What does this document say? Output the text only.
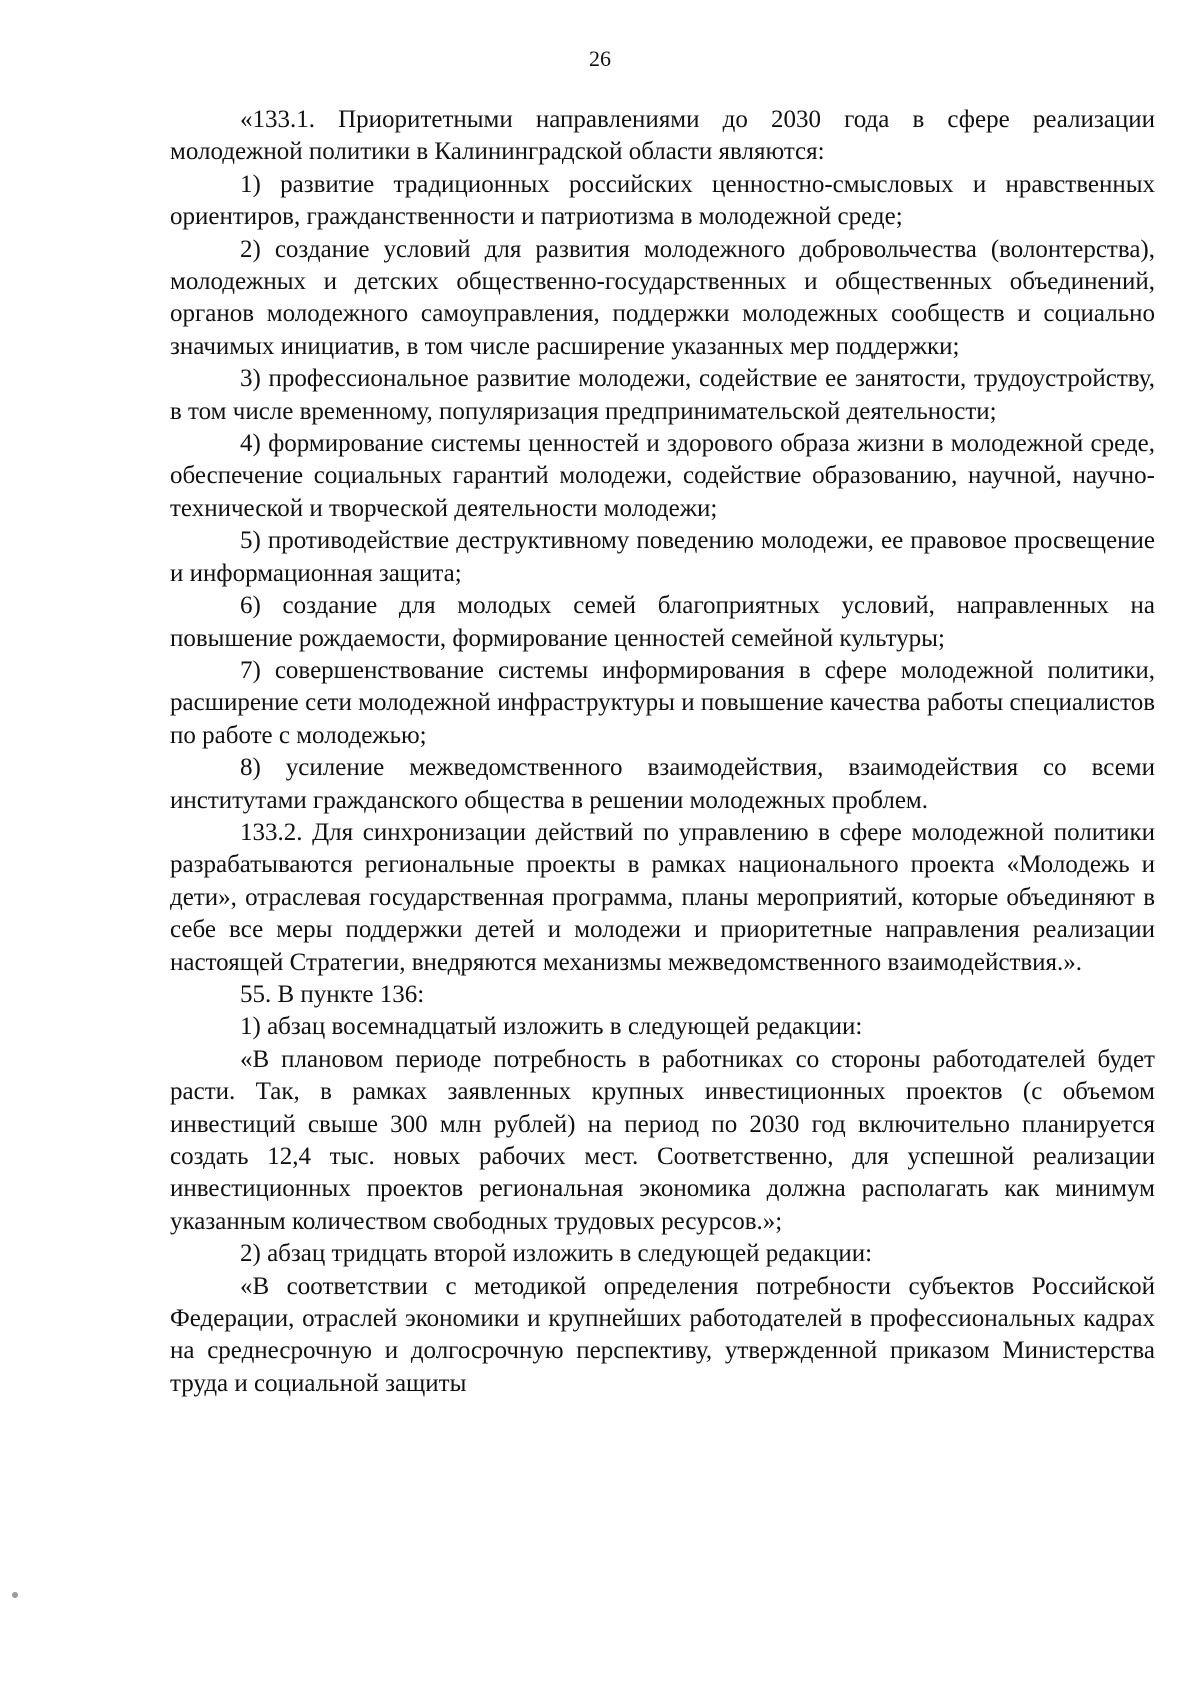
26

«133.1. Приоритетными направлениями до 2030 года в сфере реализации молодежной политики в Калининградской области являются:

1) развитие традиционных российских ценностно-смысловых и нравственных ориентиров, гражданственности и патриотизма в молодежной среде;

2) создание условий для развития молодежного добровольчества (волонтерства), молодежных и детских общественно-государственных и общественных объединений, органов молодежного самоуправления, поддержки молодежных сообществ и социально значимых инициатив, в том числе расширение указанных мер поддержки;

3) профессиональное развитие молодежи, содействие ее занятости, трудоустройству, в том числе временному, популяризация предпринимательской деятельности;

4) формирование системы ценностей и здорового образа жизни в молодежной среде, обеспечение социальных гарантий молодежи, содействие образованию, научной, научно-технической и творческой деятельности молодежи;

5) противодействие деструктивному поведению молодежи, ее правовое просвещение и информационная защита;

6) создание для молодых семей благоприятных условий, направленных на повышение рождаемости, формирование ценностей семейной культуры;

7) совершенствование системы информирования в сфере молодежной политики, расширение сети молодежной инфраструктуры и повышение качества работы специалистов по работе с молодежью;

8) усиление межведомственного взаимодействия, взаимодействия со всеми институтами гражданского общества в решении молодежных проблем.

133.2. Для синхронизации действий по управлению в сфере молодежной политики разрабатываются региональные проекты в рамках национального проекта «Молодежь и дети», отраслевая государственная программа, планы мероприятий, которые объединяют в себе все меры поддержки детей и молодежи и приоритетные направления реализации настоящей Стратегии, внедряются механизмы межведомственного взаимодействия.».

55. В пункте 136:

1) абзац восемнадцатый изложить в следующей редакции:

«В плановом периоде потребность в работниках со стороны работодателей будет расти. Так, в рамках заявленных крупных инвестиционных проектов (с объемом инвестиций свыше 300 млн рублей) на период по 2030 год включительно планируется создать 12,4 тыс. новых рабочих мест. Соответственно, для успешной реализации инвестиционных проектов региональная экономика должна располагать как минимум указанным количеством свободных трудовых ресурсов.»;

2) абзац тридцать второй изложить в следующей редакции:

«В соответствии с методикой определения потребности субъектов Российской Федерации, отраслей экономики и крупнейших работодателей в профессиональных кадрах на среднесрочную и долгосрочную перспективу, утвержденной приказом Министерства труда и социальной защиты
